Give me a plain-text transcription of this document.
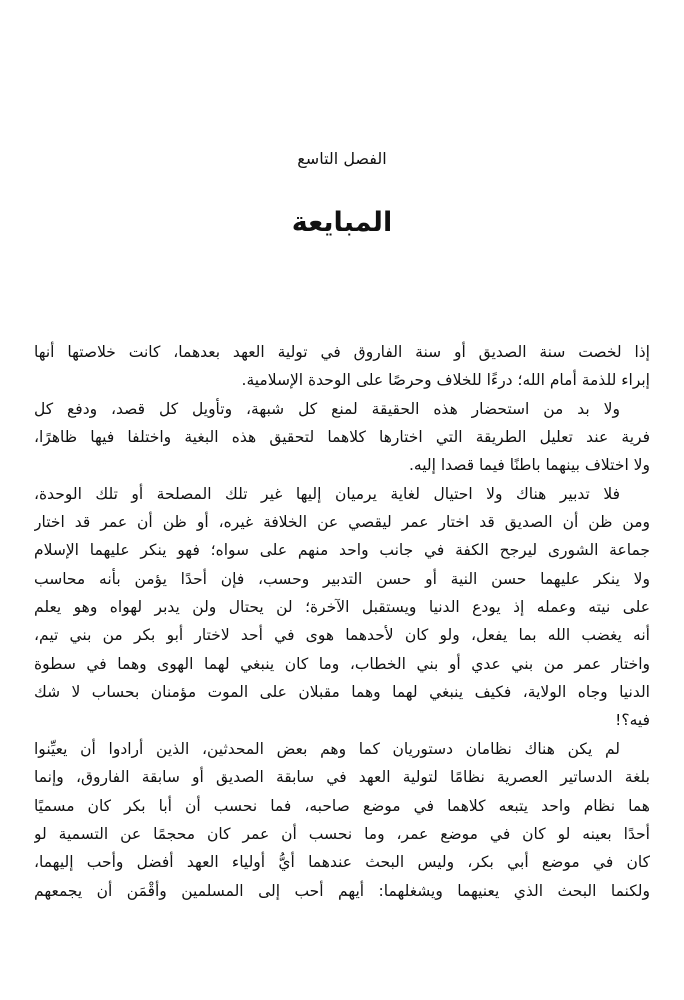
الفصل التاسع
المبايعة

إذا لخصت سنة الصديق أو سنة الفاروق في تولية العهد بعدهما، كانت خلاصتها أنها
إبراء للذمة أمام الله؛ درءًا للخلاف وحرصًا على الوحدة الإسلامية.

ولا بد من استحضار هذه الحقيقة لمنع كل شبهة، وتأويل كل قصد، ودفع كل
فرية عند تعليل الطريقة التي اختارها كلاهما لتحقيق هذه البغية واختلفا فيها ظاهرًا،
ولا اختلاف بينهما باطنًا فيما قصدا إليه.

فلا تدبير هناك ولا احتيال لغاية يرميان إليها غير تلك المصلحة أو تلك الوحدة،
ومن ظن أن الصديق قد اختار عمر ليقصي عن الخلافة غيره، أو ظن أن عمر قد اختار
جماعة الشورى ليرجح الكفة في جانب واحد منهم على سواه؛ فهو ينكر عليهما الإسلام
ولا ينكر عليهما حسن النية أو حسن التدبير وحسب، فإن أحدًا يؤمن بأنه محاسب
على نيته وعمله إذ يودع الدنيا ويستقبل الآخرة؛ لن يحتال ولن يدبر لهواه وهو يعلم
أنه يغضب الله بما يفعل، ولو كان لأحدهما هوى في أحد لاختار أبو بكر من بني تيم،
واختار عمر من بني عدي أو بني الخطاب، وما كان ينبغي لهما الهوى وهما في سطوة
الدنيا وجاه الولاية، فكيف ينبغي لهما وهما مقبلان على الموت مؤمنان بحساب لا شك
فيه؟!

لم يكن هناك نظامان دستوريان كما وهم بعض المحدثين، الذين أرادوا أن يعيِّنوا
بلغة الدساتير العصرية نظامًا لتولية العهد في سابقة الصديق أو سابقة الفاروق، وإنما
هما نظام واحد يتبعه كلاهما في موضع صاحبه، فما نحسب أن أبا بكر كان مسميًا
أحدًا بعينه لو كان في موضع عمر، وما نحسب أن عمر كان محجمًا عن التسمية لو
كان في موضع أبي بكر، وليس البحث عندهما أيُّ أولياء العهد أفضل وأحب إليهما،
ولكنما البحث الذي يعنيهما ويشغلهما: أيهم أحب إلى المسلمين وأقْمَن أن يجمعهم
